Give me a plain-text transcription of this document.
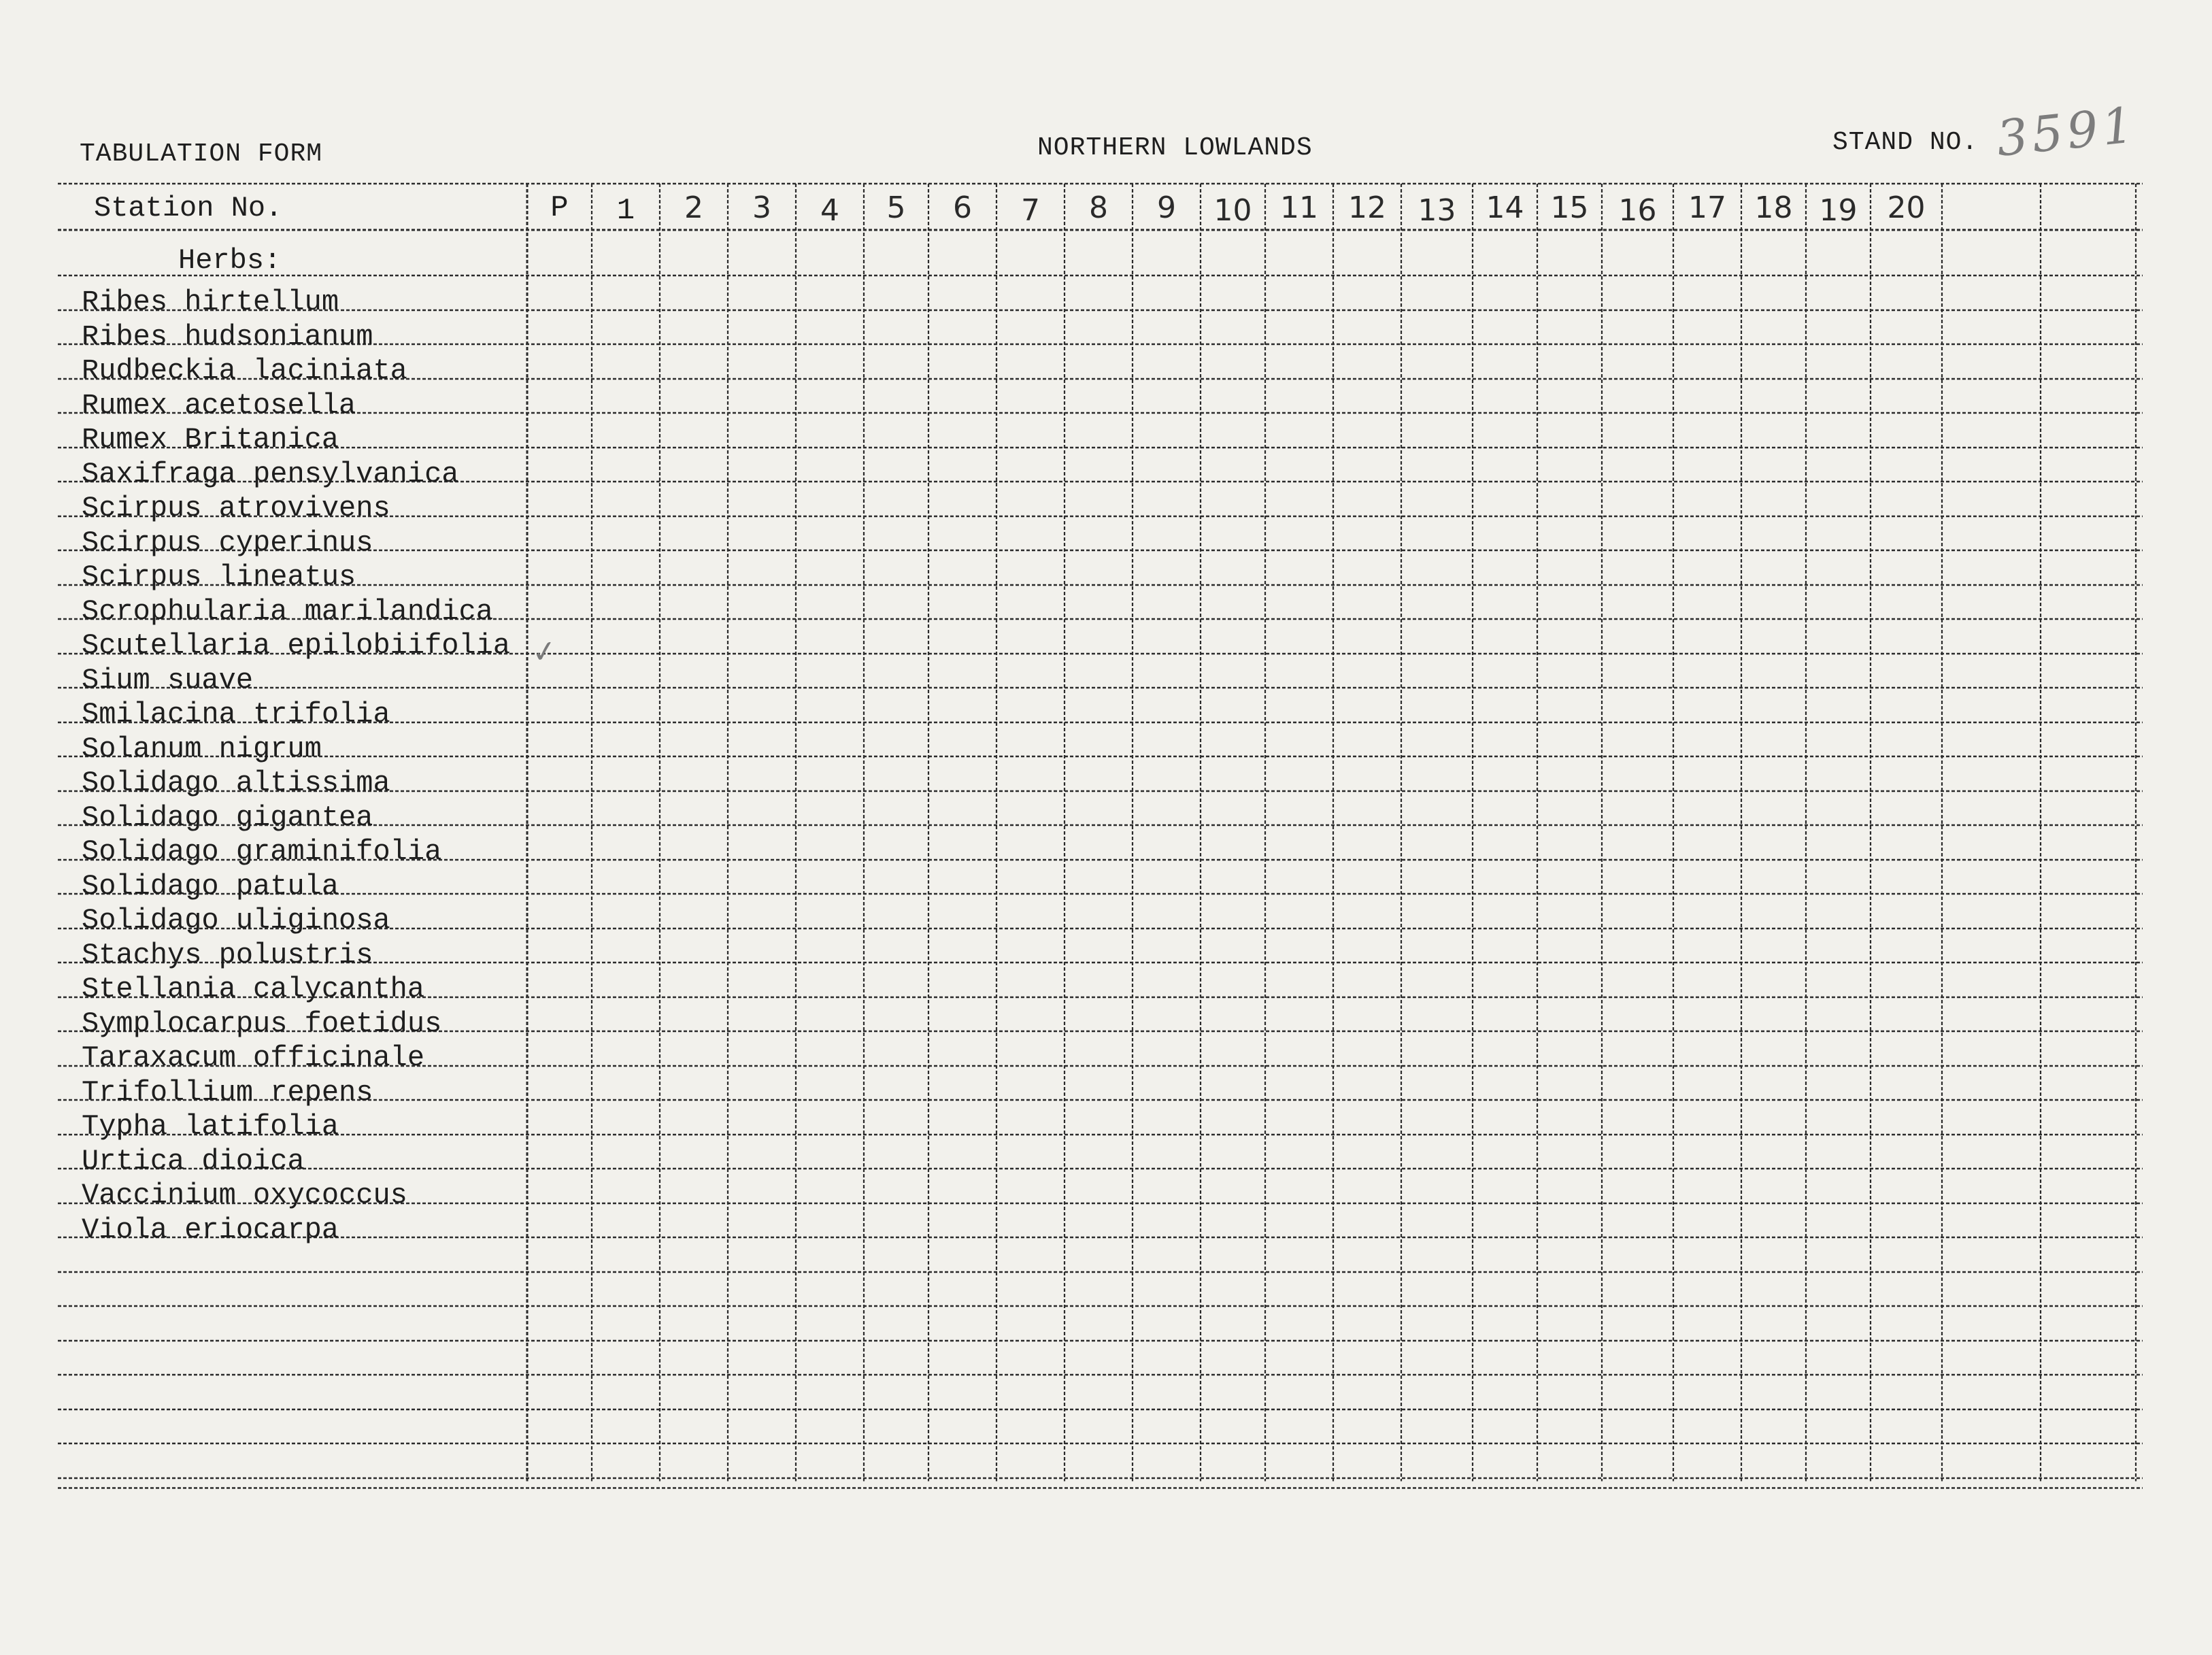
TABULATION FORM	NORTHERN LOWLANDS	STAND NO. 3591
P 1 2 3 4 5 6 7 8 9 10 11 12 13 14 15 16 17 18 19 20
Station No.
Herbs:
Ribes hirtellum
Ribes hudsonianum
Rudbeckia laciniata
Rumex acetosella
Rumex Britanica
Saxifraga pensylvanica
Scirpus atrovivens
Scirpus cyperinus
Scirpus lineatus
Scrophularia marilandica
Scutellaria epilobiifolia
Sium suave
Smilacina trifolia
Solanum nigrum
Solidago altissima
Solidago gigantea
Solidago graminifolia
Solidago patula
Solidago uliginosa
Stachys polustris
Stellania calycantha
Symplocarpus foetidus
Taraxacum officinale
Trifollium repens
Typha latifolia
Urtica dioica
Vaccinium oxycoccus
Viola eriocarpa
✓
